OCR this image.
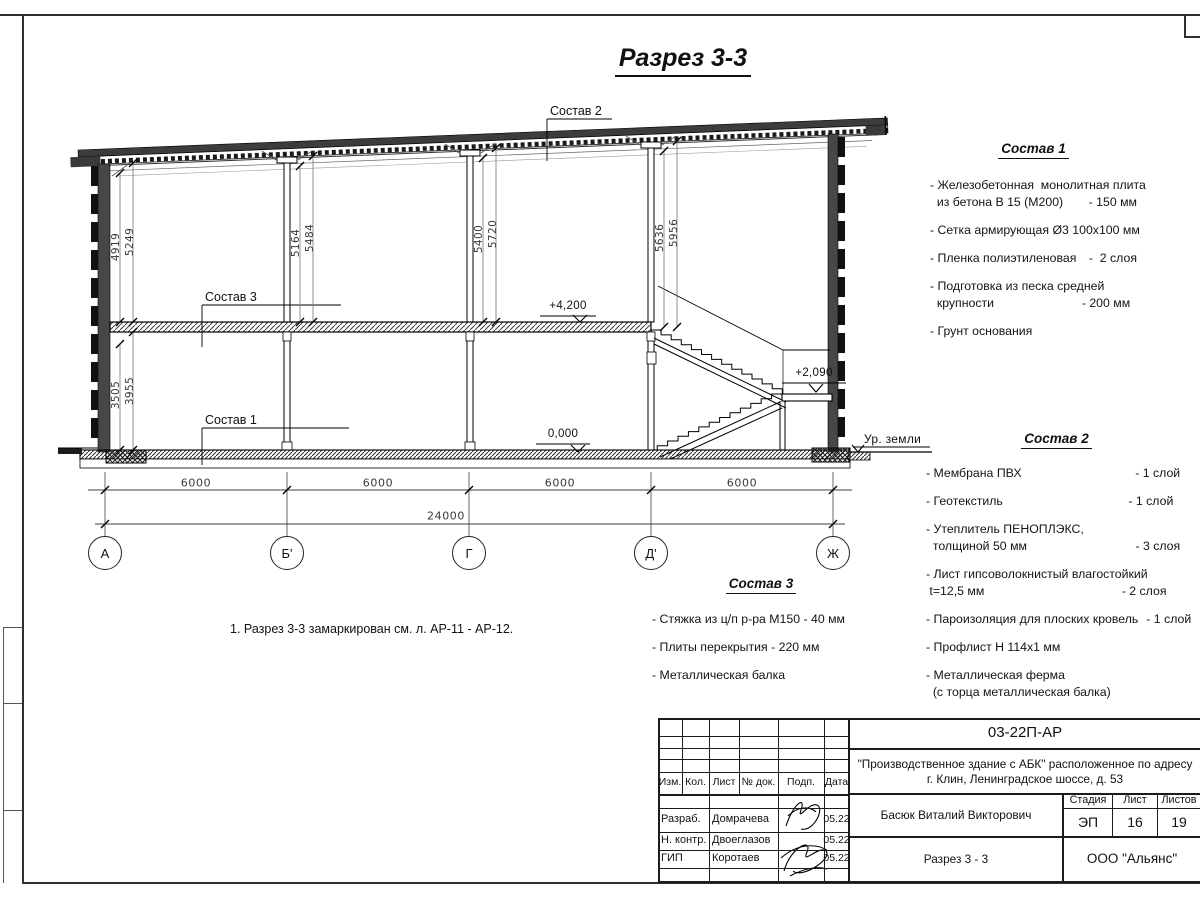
Разрез 3-3
1. Разрез 3-3 замаркирован см. л. АР-11 - АР-12.
Состав 2
Состав 3
Состав 1
Ур. земли
+4,200
0,000
+2,090
24000
4919 5249
3505 3955
5164 5484	5400 5720	5636 5956
6000	6000	6000	6000
А	Б'	Г	Д'	Ж
Состав 1
- Железобетонная  монолитная плита
из бетона В 15 (М200) - 150 мм
- Сетка армирующая Ø3 100х100 мм
- Пленка полиэтиленовая -  2 слоя
- Подготовка из песка средней
крупности	- 200 мм
- Грунт основания
Состав 2
- Мембрана ПВХ	- 1 слой
- Геотекстиль	- 1 слой
- Утеплитель ПЕНОПЛЭКС,
толщиной 50 мм	- 3 слоя
- Лист гипсоволокнистый влагостойкий
t=12,5 мм	- 2 слоя
- Пароизоляция для плоских кровель - 1 слой
- Профлист Н 114х1 мм
- Металлическая ферма
(с торца металлическая балка)
Состав 3
- Стяжка из ц/п р-ра М150 - 40 мм
- Плиты перекрытия - 220 мм
- Металлическая балка
Изм. Кол. Лист № док.	Подп. Дата
Разраб.	Домрачева	05.22
Н. контр. Двоеглазов	05.22
ГИП	Коротаев	05.22
03-22П-АР
"Производственное здание с АБК" расположенное по адресу
г. Клин, Ленинградское шоссе, д. 53
Басюк Виталий Викторович
Стадия	Лист	Листов
ЭП	16	19
Разрез 3 - 3	ООО "Альянс"
